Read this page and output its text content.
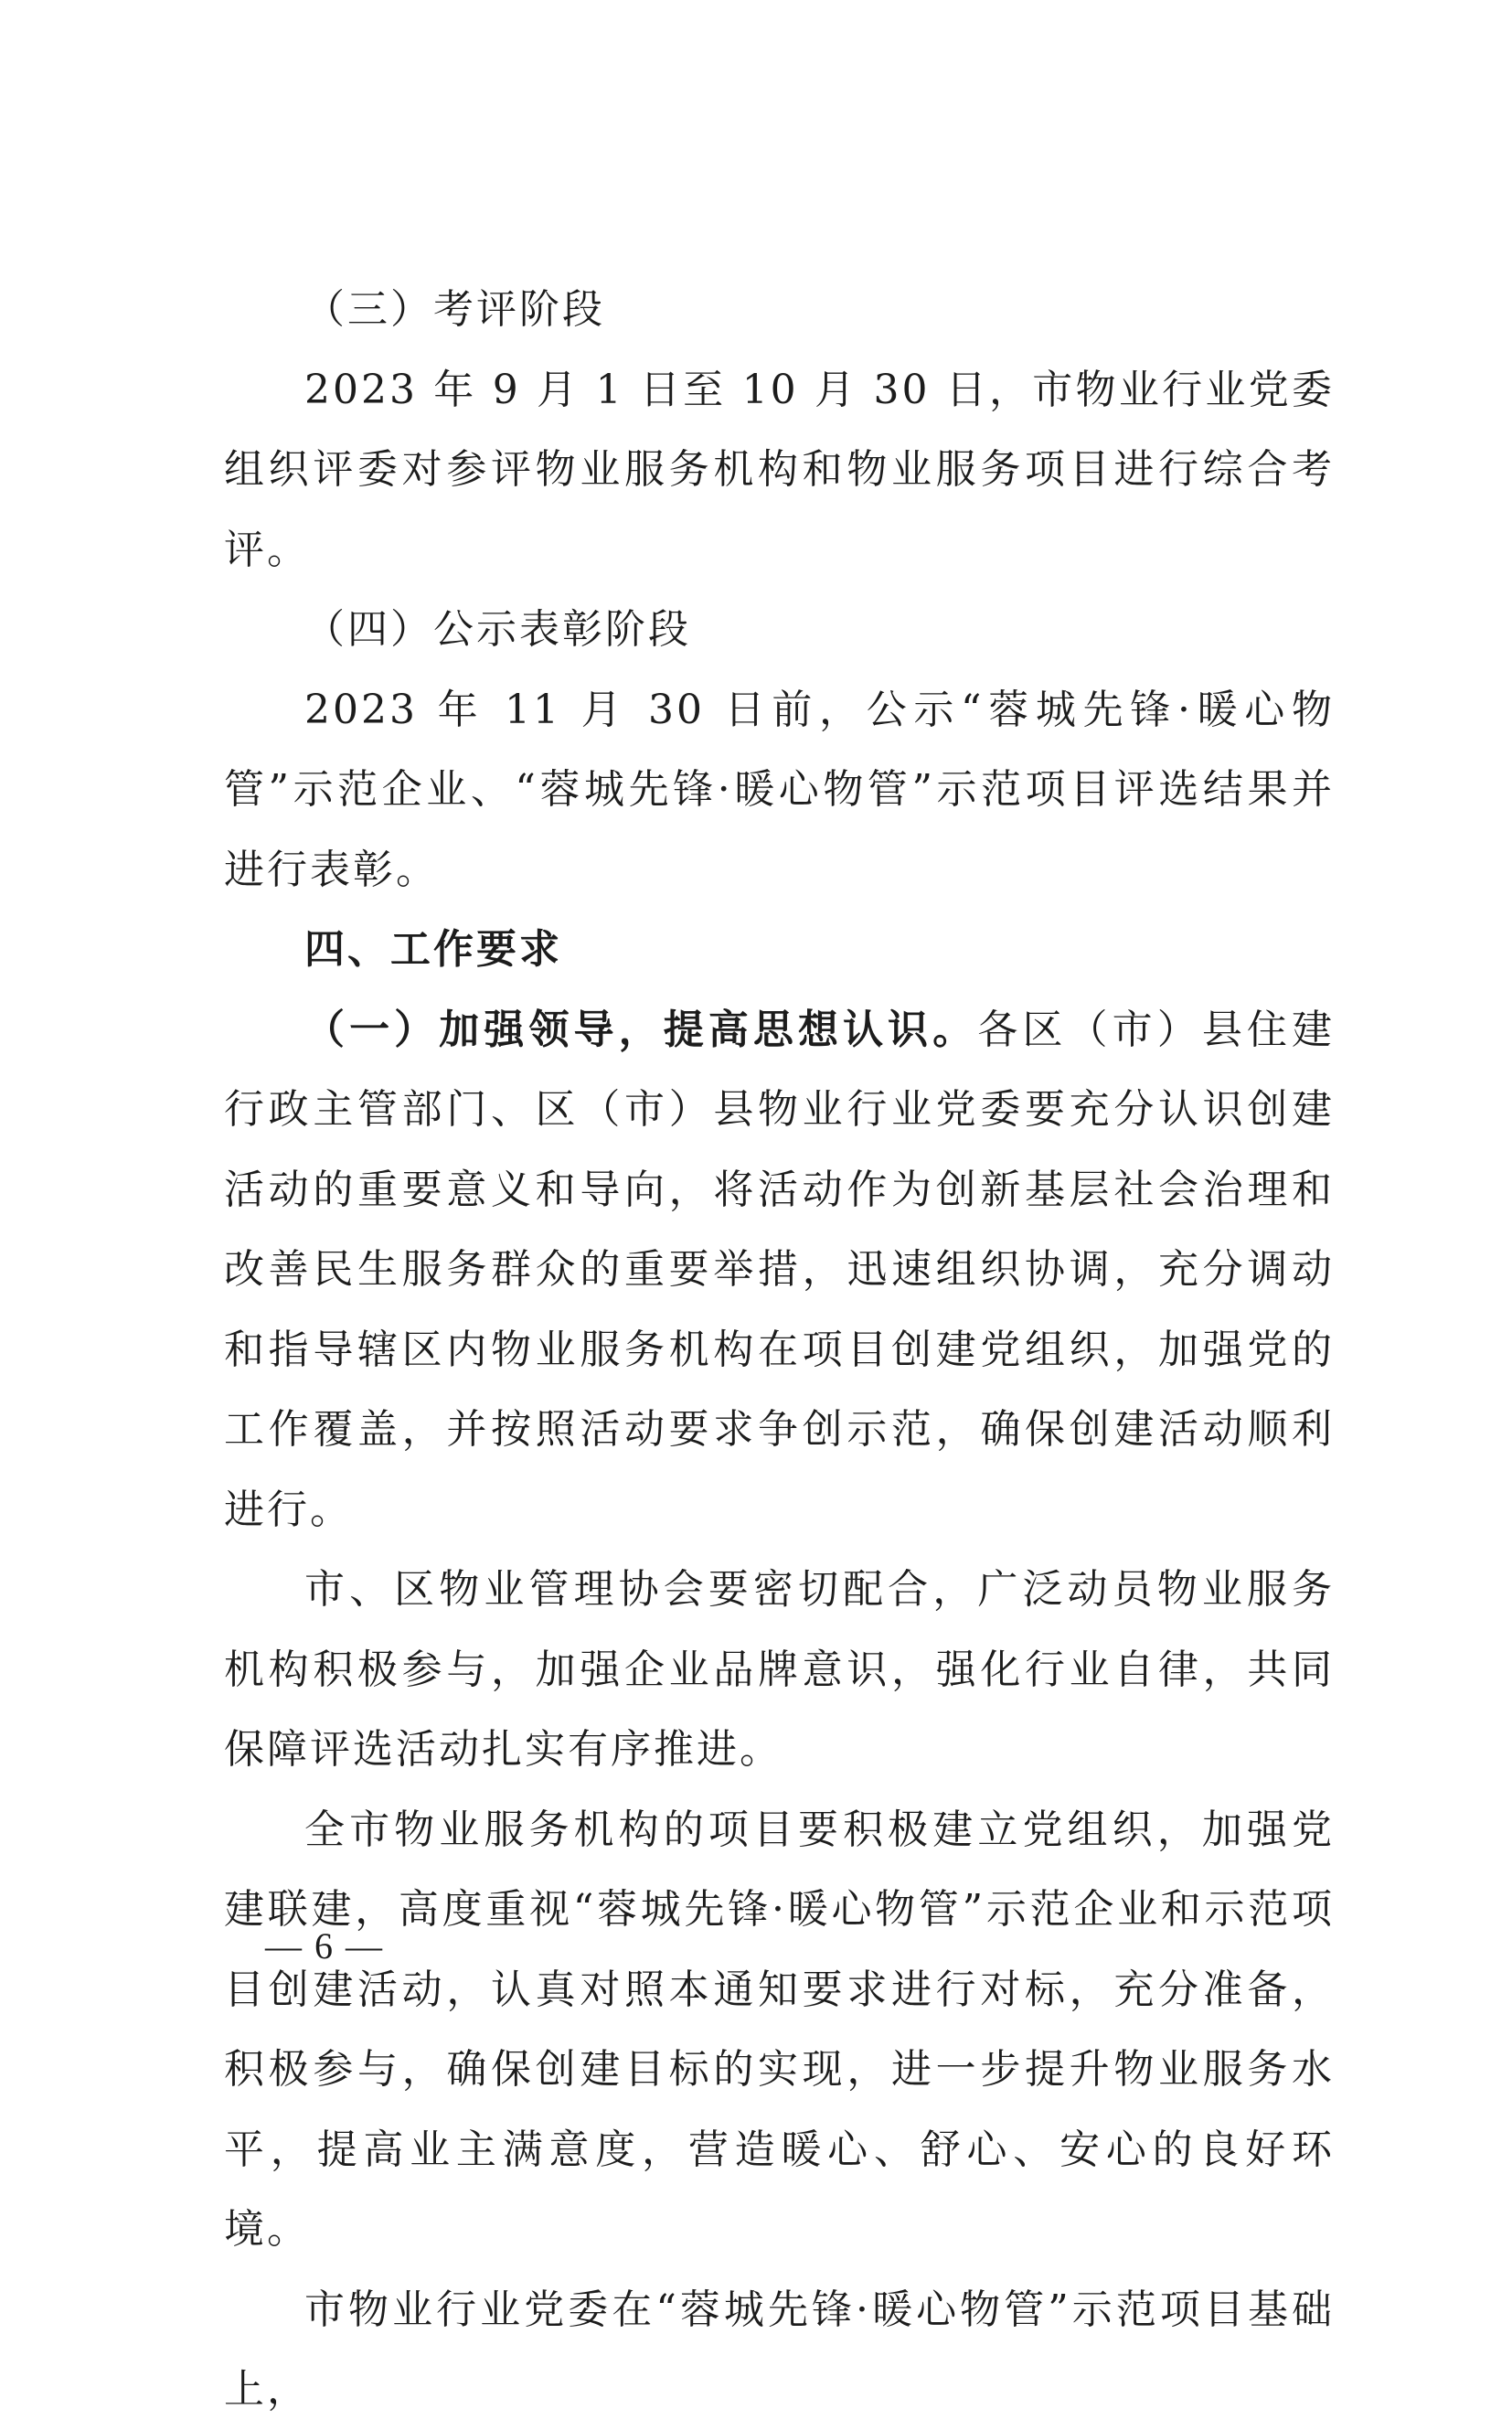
（三）考评阶段

2023 年 9 月 1 日至 10 月 30 日，市物业行业党委组织评委对参评物业服务机构和物业服务项目进行综合考评。

（四）公示表彰阶段

2023 年 11 月 30 日前，公示“蓉城先锋·暖心物管”示范企业、“蓉城先锋·暖心物管”示范项目评选结果并进行表彰。

四、工作要求

（一）加强领导，提高思想认识。各区（市）县住建行政主管部门、区（市）县物业行业党委要充分认识创建活动的重要意义和导向，将活动作为创新基层社会治理和改善民生服务群众的重要举措，迅速组织协调，充分调动和指导辖区内物业服务机构在项目创建党组织，加强党的工作覆盖，并按照活动要求争创示范，确保创建活动顺利进行。

市、区物业管理协会要密切配合，广泛动员物业服务机构积极参与，加强企业品牌意识，强化行业自律，共同保障评选活动扎实有序推进。

全市物业服务机构的项目要积极建立党组织，加强党建联建，高度重视“蓉城先锋·暖心物管”示范企业和示范项目创建活动，认真对照本通知要求进行对标，充分准备，积极参与，确保创建目标的实现，进一步提升物业服务水平，提高业主满意度，营造暖心、舒心、安心的良好环境。

市物业行业党委在“蓉城先锋·暖心物管”示范项目基础上，

— 6 —
